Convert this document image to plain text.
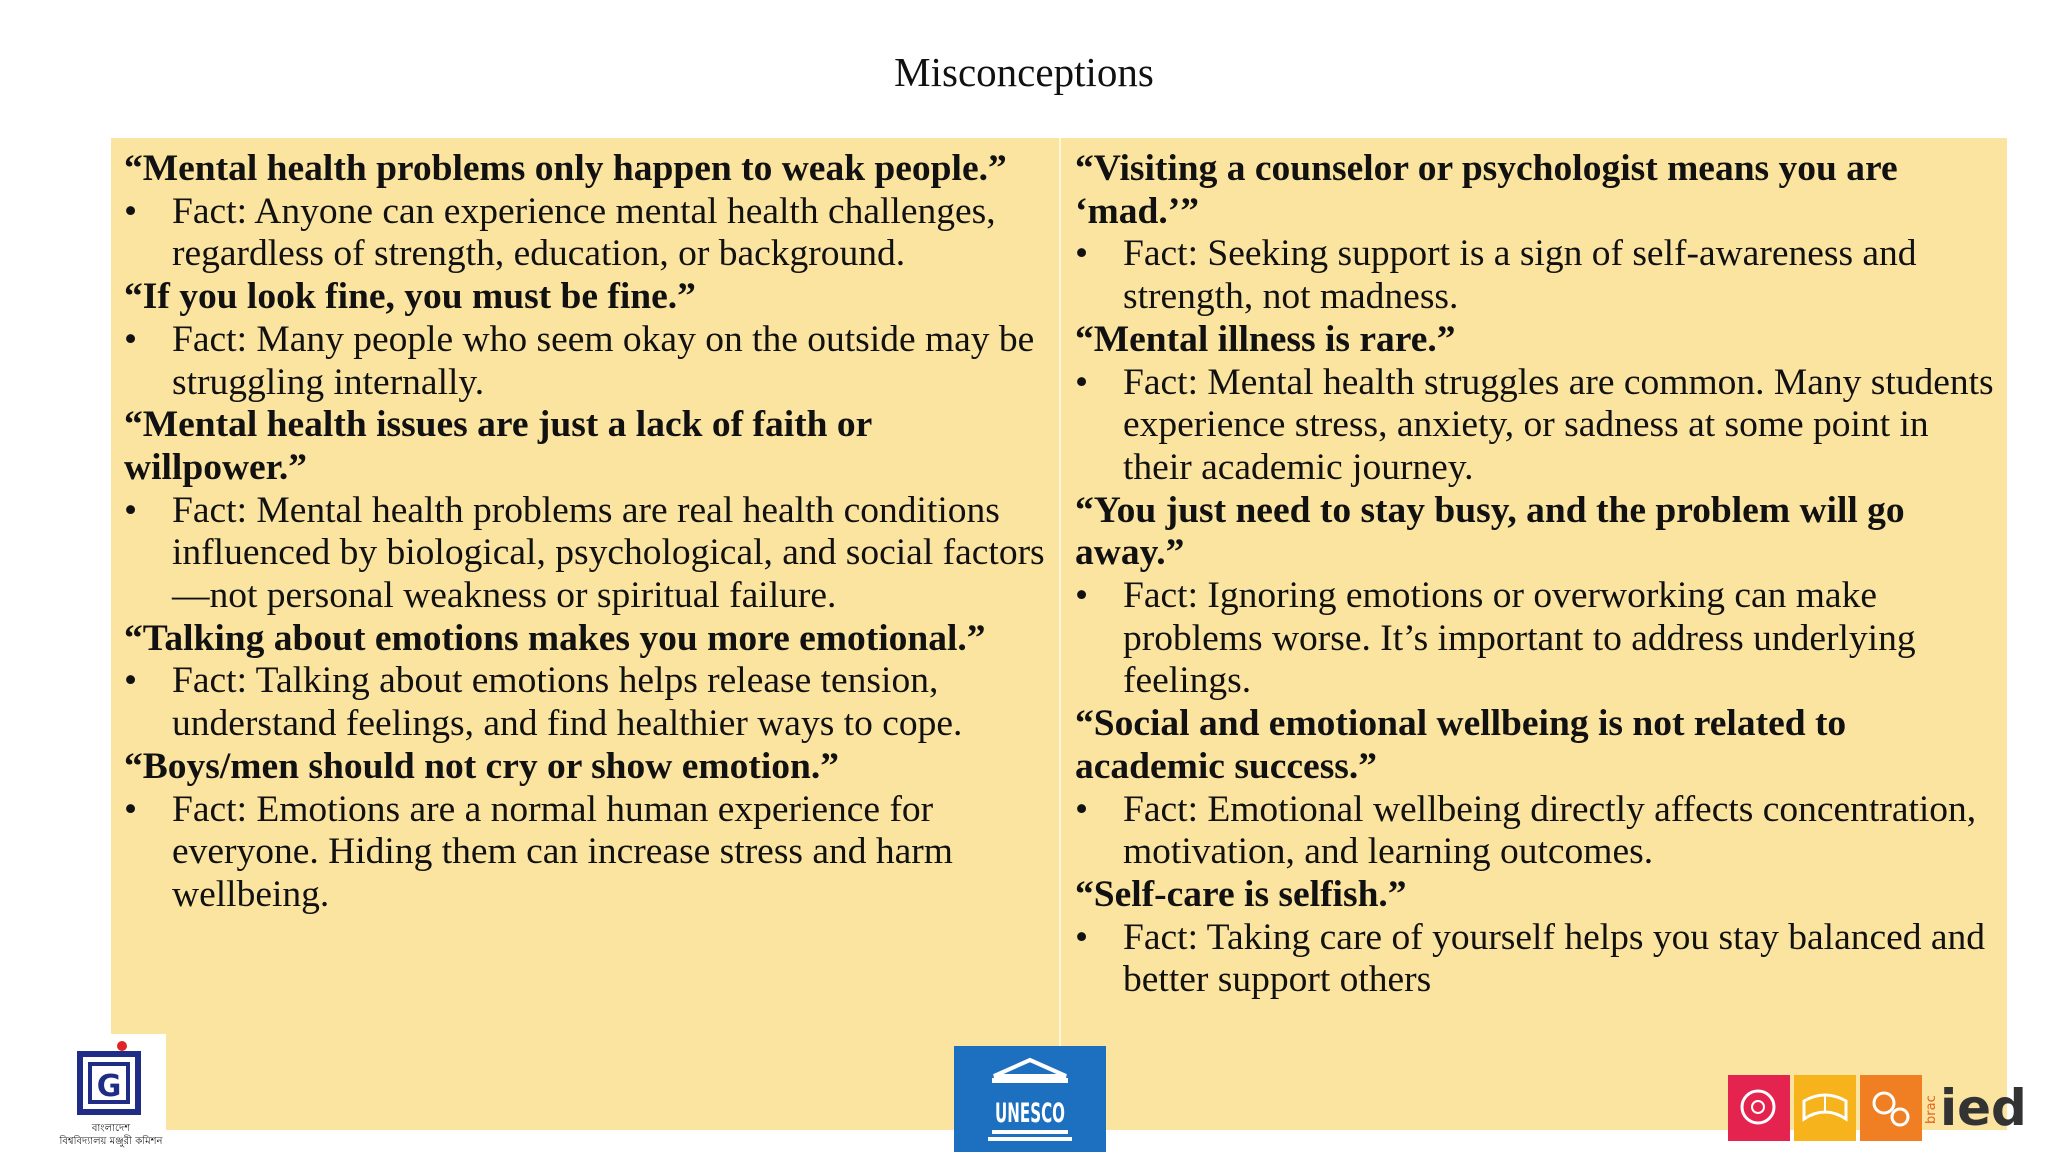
Misconceptions

“Mental health problems only happen to weak people.”

• Fact: Anyone can experience mental health challenges, regardless of strength, education, or background.

“If you look fine, you must be fine.”

• Fact: Many people who seem okay on the outside may be struggling internally.

“Mental health issues are just a lack of faith or willpower.”

• Fact: Mental health problems are real health conditions influenced by biological, psychological, and social factors—not personal weakness or spiritual failure.

“Talking about emotions makes you more emotional.”

• Fact: Talking about emotions helps release tension, understand feelings, and find healthier ways to cope.

“Boys/men should not cry or show emotion.”

• Fact: Emotions are a normal human experience for everyone. Hiding them can increase stress and harm wellbeing.

“Visiting a counselor or psychologist means you are ‘mad.’”

• Fact: Seeking support is a sign of self-awareness and strength, not madness.

“Mental illness is rare.”

• Fact: Mental health struggles are common. Many students experience stress, anxiety, or sadness at some point in their academic journey.

“You just need to stay busy, and the problem will go away.”

• Fact: Ignoring emotions or overworking can make problems worse. It’s important to address underlying feelings.

“Social and emotional wellbeing is not related to academic success.”

• Fact: Emotional wellbeing directly affects concentration, motivation, and learning outcomes.

“Self-care is selfish.”

• Fact: Taking care of yourself helps you stay balanced and better support others
G
বাংলাদেশ
বিশ্ববিদ্যালয় মঞ্জুরী কমিশন
UNESCO	brac ied
